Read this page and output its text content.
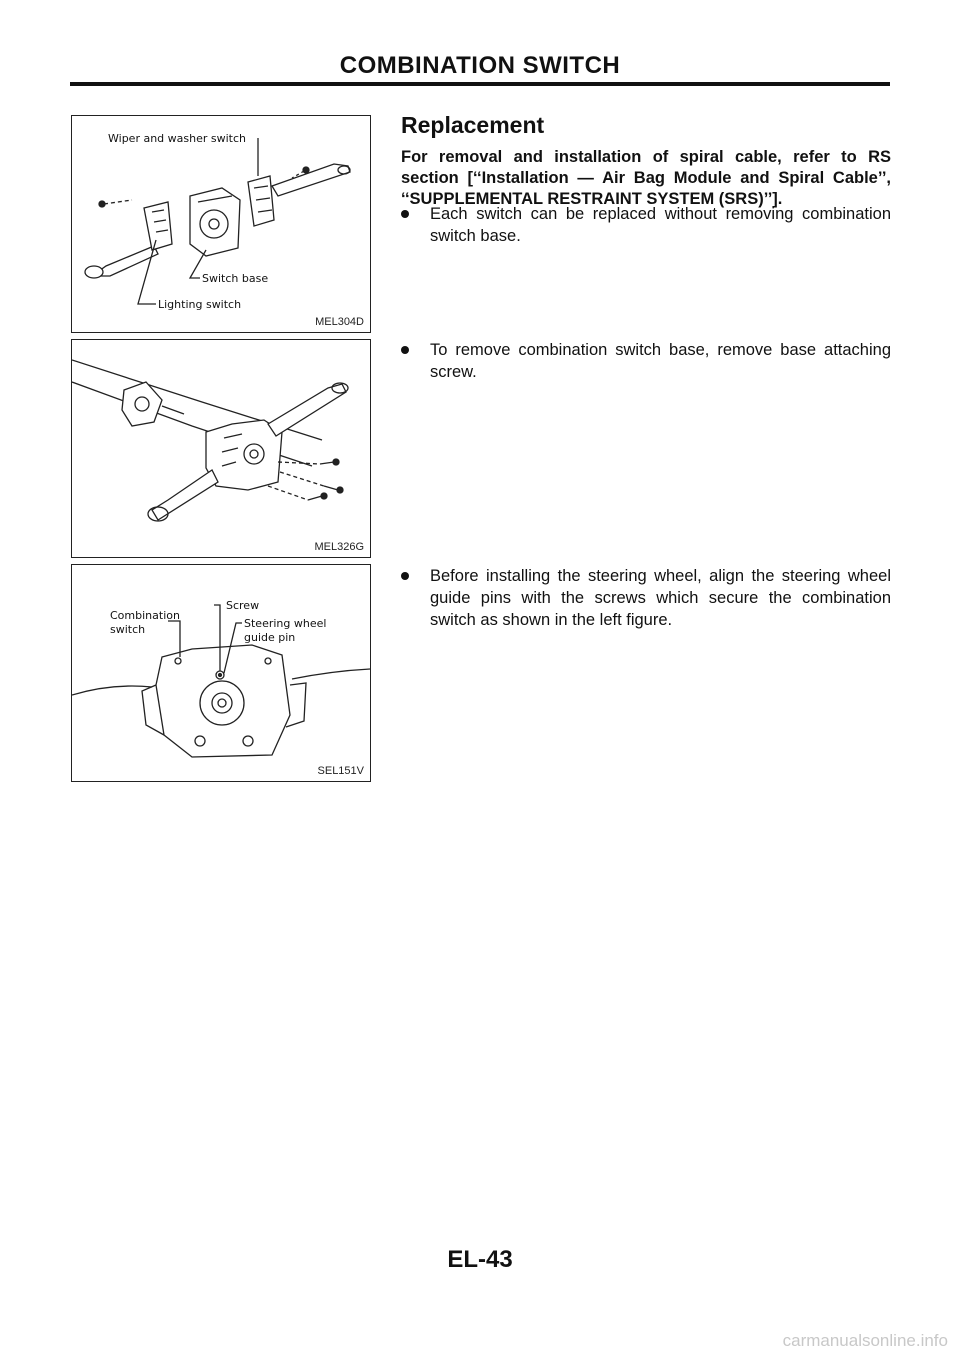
COMBINATION SWITCH
Wiper and washer switch
Switch base
Lighting switch
MEL304D
MEL326G
Combination
switch
Screw
Steering wheel
guide pin
SEL151V
Replacement
For removal and installation of spiral cable, refer to RS section [‘‘Installation — Air Bag Module and Spiral Cable’’, ‘‘SUPPLEMENTAL RESTRAINT SYSTEM (SRS)’’].
Each switch can be replaced without removing combination switch base.
To remove combination switch base, remove base attaching screw.
Before installing the steering wheel, align the steering wheel guide pins with the screws which secure the combination switch as shown in the left figure.
EL-43
carmanualsonline.info
